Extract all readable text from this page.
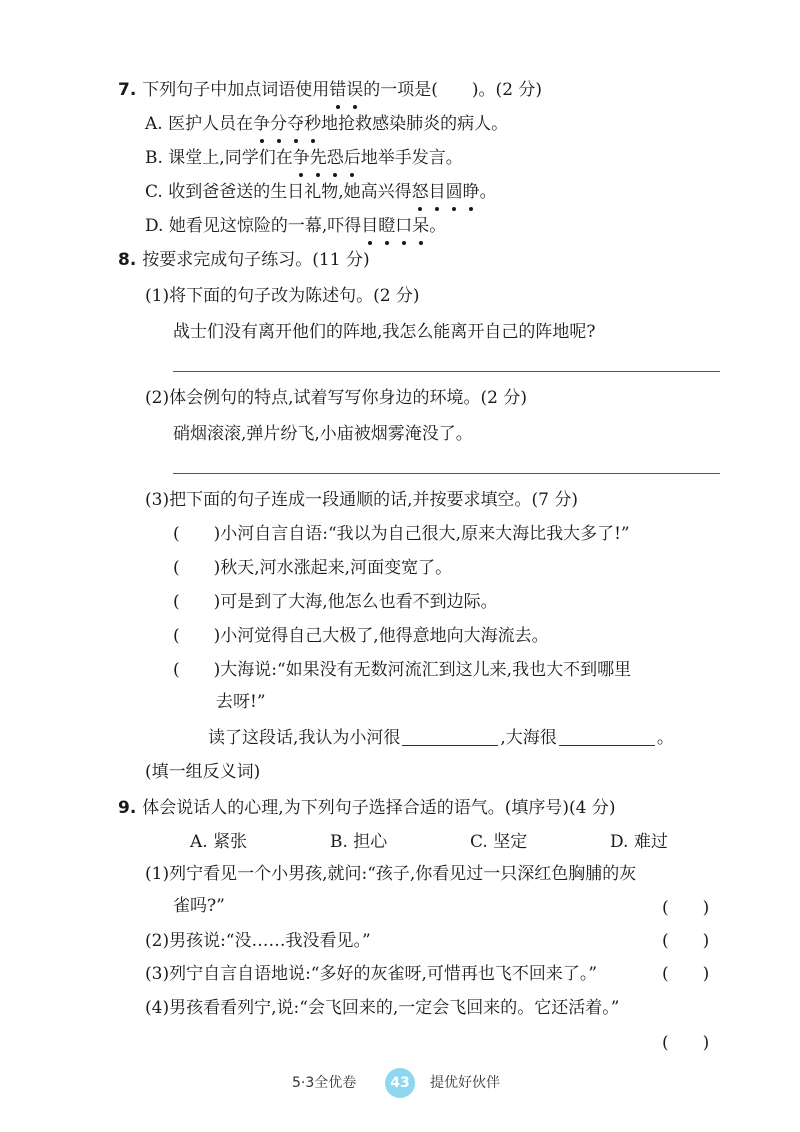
7. 下列句子中加点词语使用错误的一项是(　　)。(2 分)
A. 医护人员在争分夺秒地抢救感染肺炎的病人。
B. 课堂上,同学们在争先恐后地举手发言。
C. 收到爸爸送的生日礼物,她高兴得怒目圆睁。
D. 她看见这惊险的一幕,吓得目瞪口呆。
8. 按要求完成句子练习。(11 分)
(1)将下面的句子改为陈述句。(2 分)
战士们没有离开他们的阵地,我怎么能离开自己的阵地呢?
(2)体会例句的特点,试着写写你身边的环境。(2 分)
硝烟滚滚,弹片纷飞,小庙被烟雾淹没了。
(3)把下面的句子连成一段通顺的话,并按要求填空。(7 分)
(　　)小河自言自语:“我以为自己很大,原来大海比我大多了!”
(　　)秋天,河水涨起来,河面变宽了。
(　　)可是到了大海,他怎么也看不到边际。
(　　)小河觉得自己大极了,他得意地向大海流去。
(　　)大海说:“如果没有无数河流汇到这儿来,我也大不到哪里
去呀!”
读了这段话,我认为小河很	,大海很	。
(填一组反义词)
9. 体会说话人的心理,为下列句子选择合适的语气。(填序号)(4 分)
A. 紧张	B. 担心	C. 坚定	D. 难过
(1)列宁看见一个小男孩,就问:“孩子,你看见过一只深红色胸脯的灰
雀吗?”	(　　)
(2)男孩说:“没……我没看见。”	(　　)
(3)列宁自言自语地说:“多好的灰雀呀,可惜再也飞不回来了。”	(　　)
(4)男孩看看列宁,说:“会飞回来的,一定会飞回来的。它还活着。”
(　　)
5·3全优卷	43	提优好伙伴
